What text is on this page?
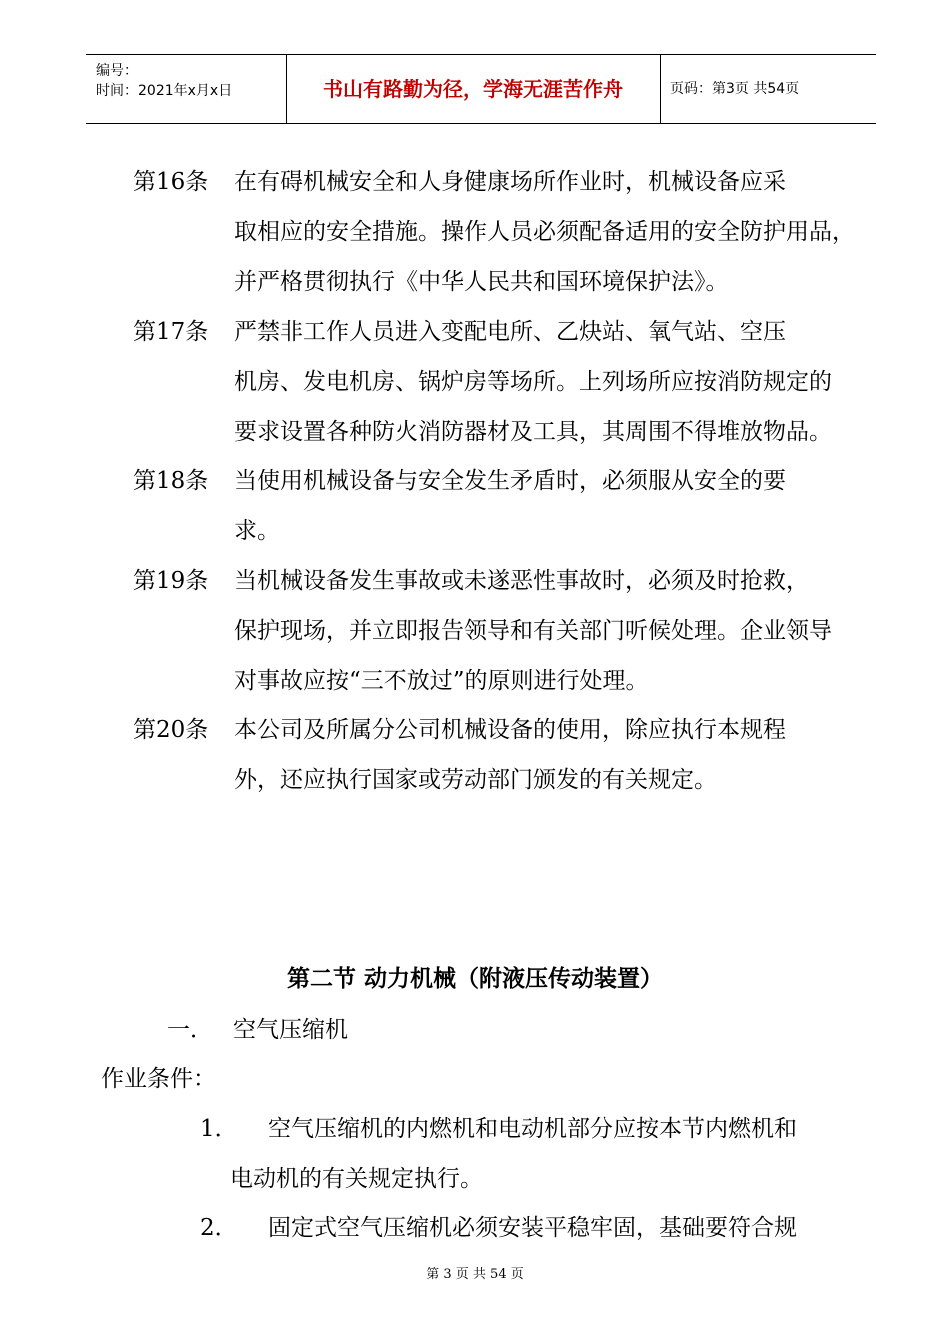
编号：
时间：2021年x月x日	书山有路勤为径，学海无涯苦作舟	页码：第3页 共54页
第16条	在有碍机械安全和人身健康场所作业时，机械设备应采
取相应的安全措施。操作人员必须配备适用的安全防护用品，
并严格贯彻执行《中华人民共和国环境保护法》。
第17条	严禁非工作人员进入变配电所、乙炔站、氧气站、空压
机房、发电机房、锅炉房等场所。上列场所应按消防规定的
要求设置各种防火消防器材及工具，其周围不得堆放物品。
第18条	当使用机械设备与安全发生矛盾时，必须服从安全的要
求。
第19条	当机械设备发生事故或未遂恶性事故时，必须及时抢救，
保护现场，并立即报告领导和有关部门听候处理。企业领导
对事故应按“三不放过”的原则进行处理。
第20条	本公司及所属分公司机械设备的使用，除应执行本规程
外，还应执行国家或劳动部门颁发的有关规定。
第二节 动力机械（附液压传动装置）
一． 空气压缩机
作业条件：
1． 空气压缩机的内燃机和电动机部分应按本节内燃机和
电动机的有关规定执行。
2． 固定式空气压缩机必须安装平稳牢固，基础要符合规
第 3 页 共 54 页
